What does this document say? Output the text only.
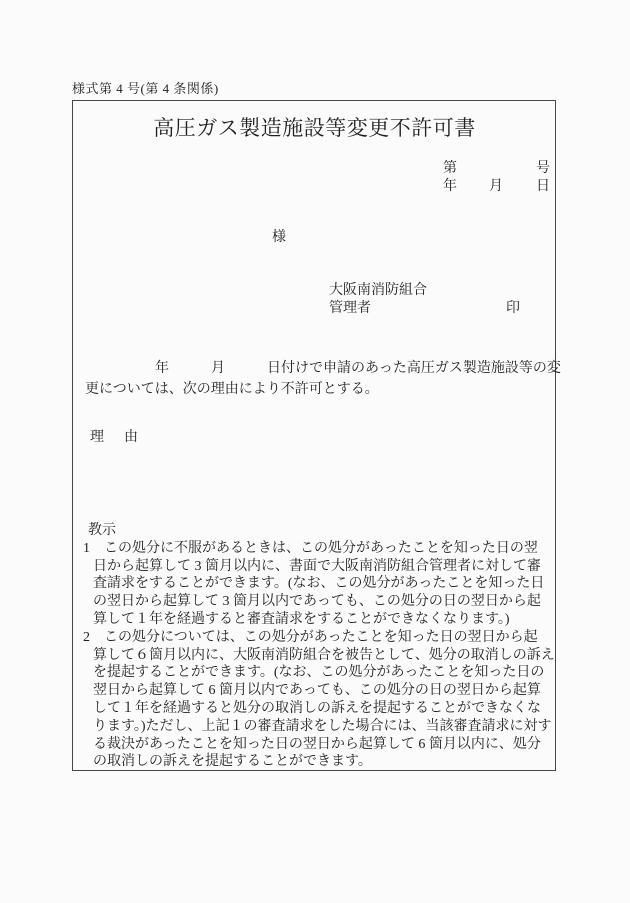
様式第 4 号(第 4 条関係)
高圧ガス製造施設等変更不許可書
第	号
年 月 日
様
大阪南消防組合
管理者	印
　　　　　年　　　月　　　日付けで申請のあった高圧ガス製造施設等の変
更については、次の理由により不許可とする。
理　由
教示
1　この処分に不服があるときは、この処分があったことを知った日の翌
日から起算して 3 箇月以内に、書面で大阪南消防組合管理者に対して審
査請求をすることができます。(なお、この処分があったことを知った日
の翌日から起算して 3 箇月以内であっても、この処分の日の翌日から起
算して１年を経過すると審査請求をすることができなくなります。)
2　この処分については、この処分があったことを知った日の翌日から起
算して６箇月以内に、大阪南消防組合を被告として、処分の取消しの訴え
を提起することができます。(なお、この処分があったことを知った日の
翌日から起算して 6 箇月以内であっても、この処分の日の翌日から起算
して１年を経過すると処分の取消しの訴えを提起することができなくな
ります。)ただし、上記１の審査請求をした場合には、当該審査請求に対す
る裁決があったことを知った日の翌日から起算して 6 箇月以内に、処分
の取消しの訴えを提起することができます。
